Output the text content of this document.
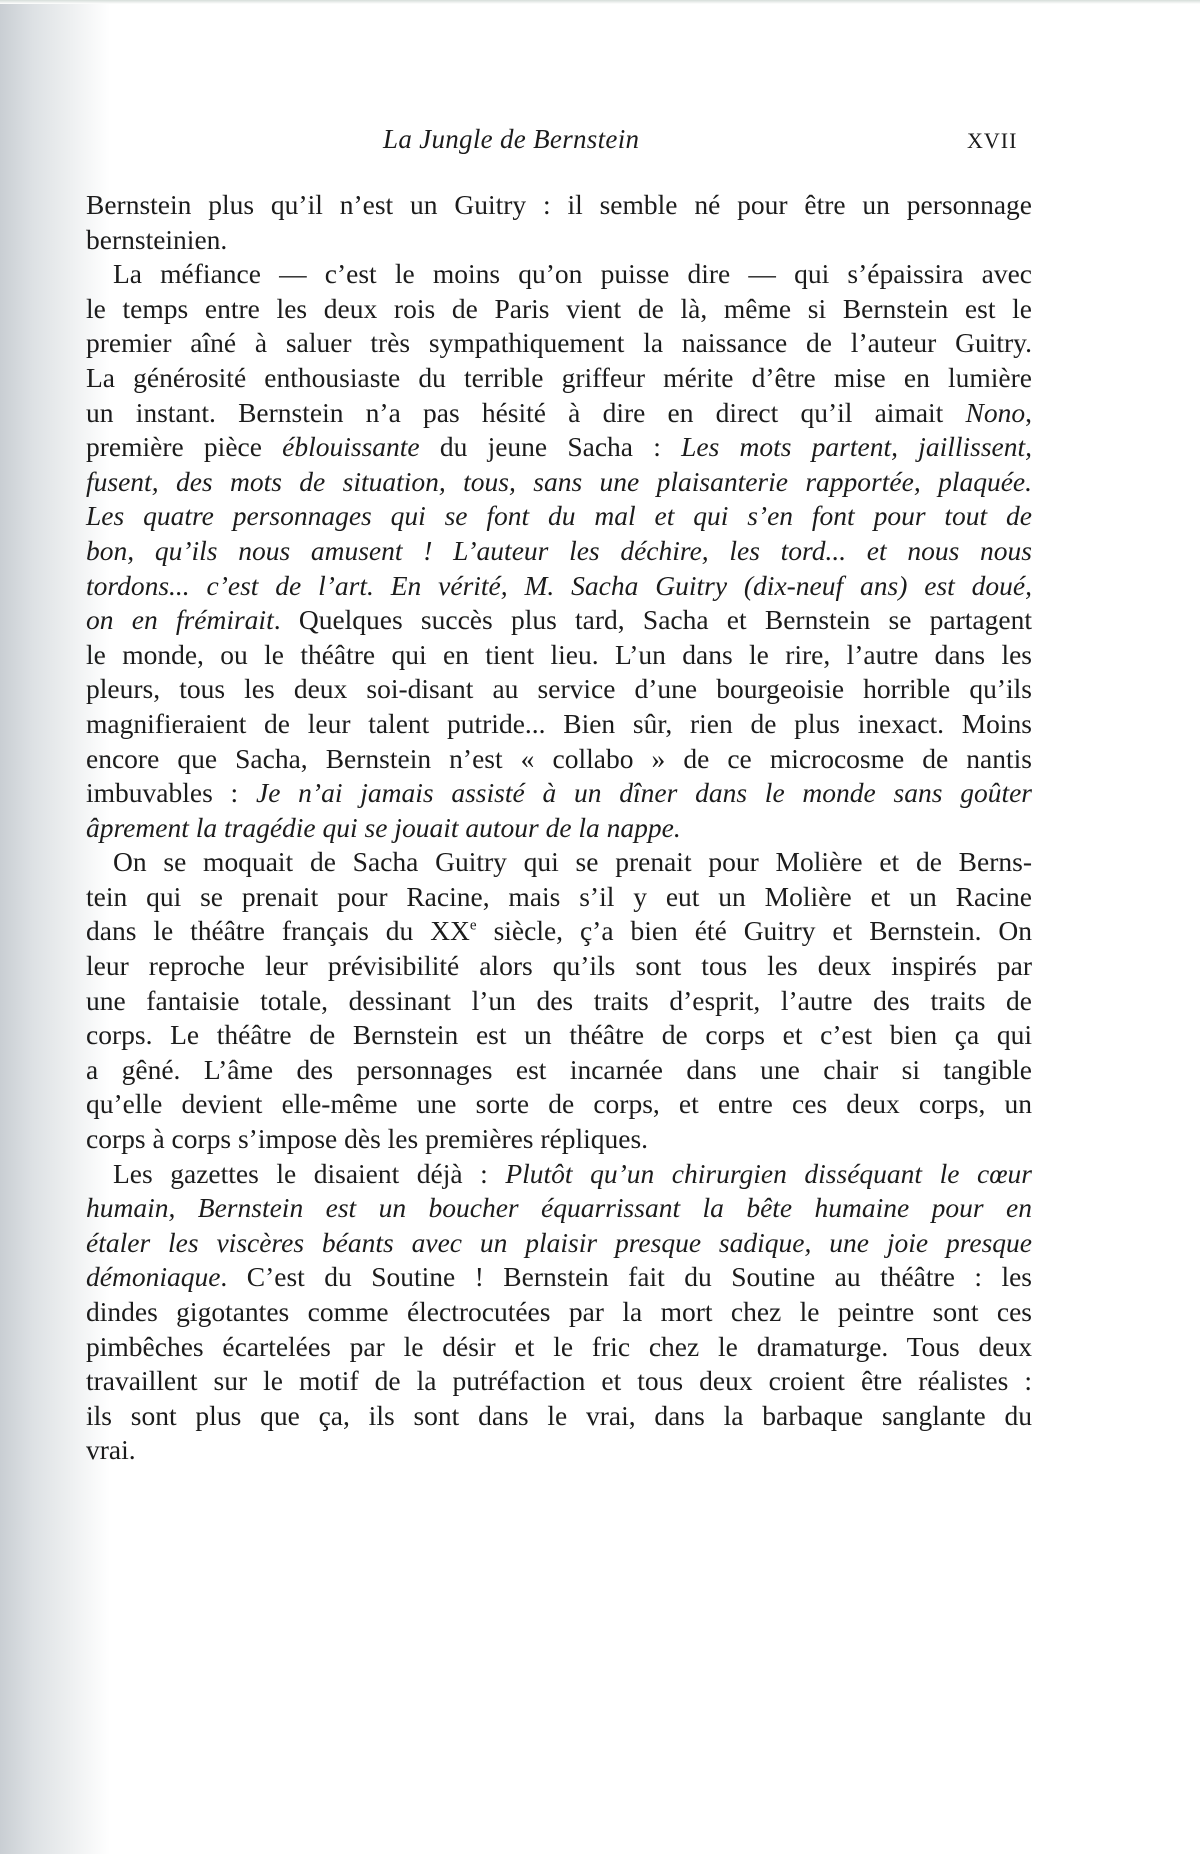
La Jungle de Bernstein	XVII
Bernstein plus qu’il n’est un Guitry : il semble né pour être un personnage
bernsteinien.
La méfiance — c’est le moins qu’on puisse dire — qui s’épaissira avec
le temps entre les deux rois de Paris vient de là, même si Bernstein est le
premier aîné à saluer très sympathiquement la naissance de l’auteur Guitry.
La générosité enthousiaste du terrible griffeur mérite d’être mise en lumière
un instant. Bernstein n’a pas hésité à dire en direct qu’il aimait Nono,
première pièce éblouissante du jeune Sacha : Les mots partent, jaillissent,
fusent, des mots de situation, tous, sans une plaisanterie rapportée, plaquée.
Les quatre personnages qui se font du mal et qui s’en font pour tout de
bon, qu’ils nous amusent ! L’auteur les déchire, les tord... et nous nous
tordons... c’est de l’art. En vérité, M. Sacha Guitry (dix-neuf ans) est doué,
on en frémirait. Quelques succès plus tard, Sacha et Bernstein se partagent
le monde, ou le théâtre qui en tient lieu. L’un dans le rire, l’autre dans les
pleurs, tous les deux soi-disant au service d’une bourgeoisie horrible qu’ils
magnifieraient de leur talent putride... Bien sûr, rien de plus inexact. Moins
encore que Sacha, Bernstein n’est « collabo » de ce microcosme de nantis
imbuvables : Je n’ai jamais assisté à un dîner dans le monde sans goûter
âprement la tragédie qui se jouait autour de la nappe.
On se moquait de Sacha Guitry qui se prenait pour Molière et de Berns-
tein qui se prenait pour Racine, mais s’il y eut un Molière et un Racine
dans le théâtre français du XXe siècle, ç’a bien été Guitry et Bernstein. On
leur reproche leur prévisibilité alors qu’ils sont tous les deux inspirés par
une fantaisie totale, dessinant l’un des traits d’esprit, l’autre des traits de
corps. Le théâtre de Bernstein est un théâtre de corps et c’est bien ça qui
a gêné. L’âme des personnages est incarnée dans une chair si tangible
qu’elle devient elle-même une sorte de corps, et entre ces deux corps, un
corps à corps s’impose dès les premières répliques.
Les gazettes le disaient déjà : Plutôt qu’un chirurgien disséquant le cœur
humain, Bernstein est un boucher équarrissant la bête humaine pour en
étaler les viscères béants avec un plaisir presque sadique, une joie presque
démoniaque. C’est du Soutine ! Bernstein fait du Soutine au théâtre : les
dindes gigotantes comme électrocutées par la mort chez le peintre sont ces
pimbêches écartelées par le désir et le fric chez le dramaturge. Tous deux
travaillent sur le motif de la putréfaction et tous deux croient être réalistes :
ils sont plus que ça, ils sont dans le vrai, dans la barbaque sanglante du
vrai.
